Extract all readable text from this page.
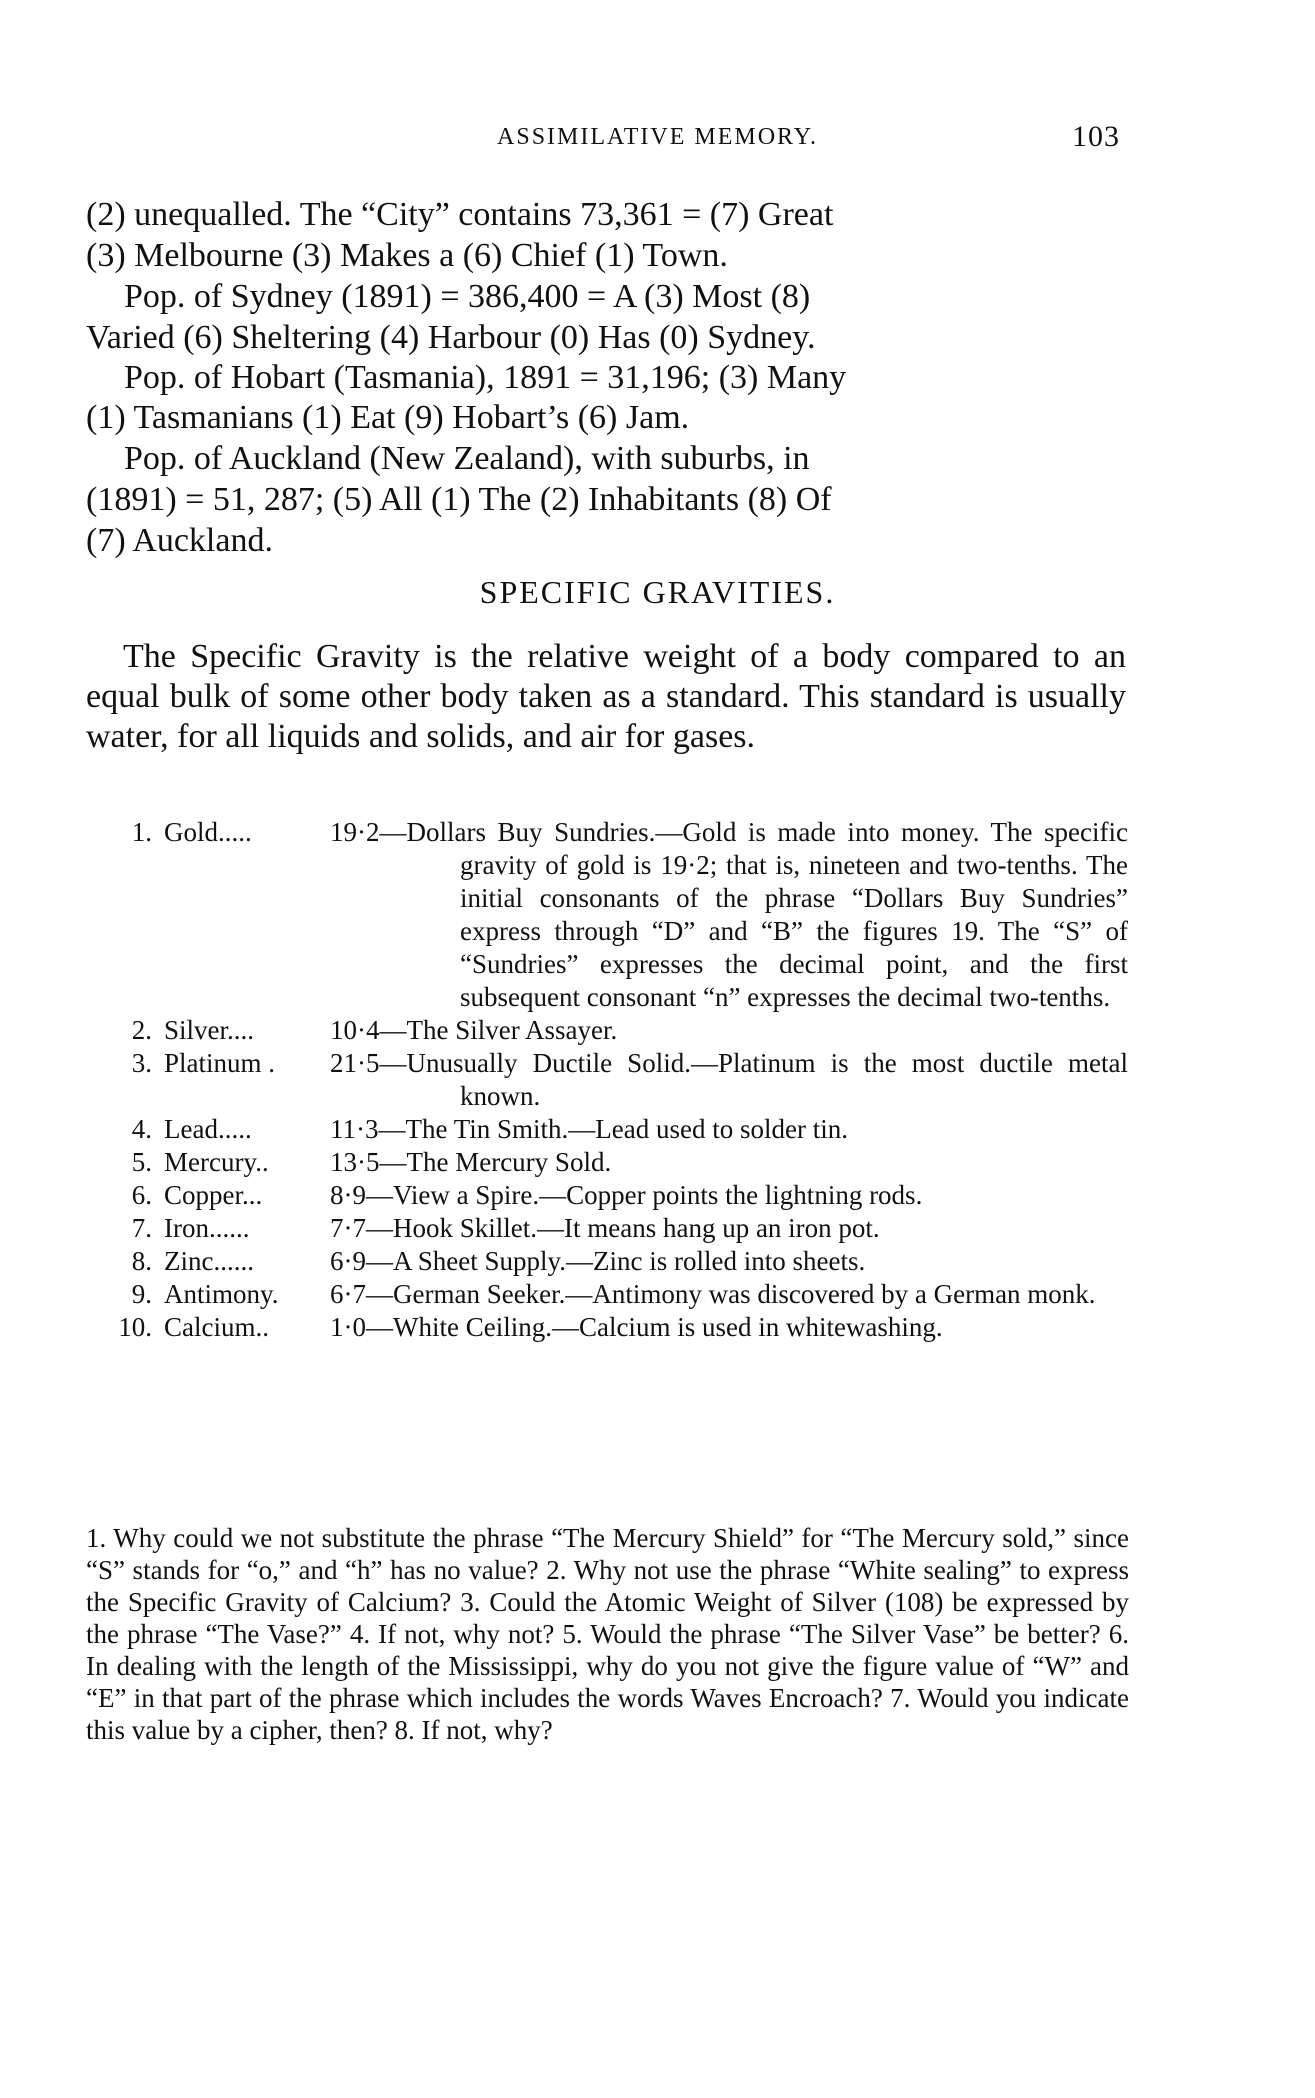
ASSIMILATIVE MEMORY.	103

(2) unequalled. The “City” contains 73,361 = (7) Great

(3) Melbourne (3) Makes a (6) Chief (1) Town.

Pop. of Sydney (1891) = 386,400 = A (3) Most (8)

Varied (6) Sheltering (4) Harbour (0) Has (0) Sydney.

Pop. of Hobart (Tasmania), 1891 = 31,196; (3) Many

(1) Tasmanians (1) Eat (9) Hobart’s (6) Jam.

Pop. of Auckland (New Zealand), with suburbs, in

(1891) = 51, 287; (5) All (1) The (2) Inhabitants (8) Of

(7) Auckland.

SPECIFIC GRAVITIES.

The Specific Gravity is the relative weight of a body compared to an equal bulk of some other body taken as a standard. This standard is usually water, for all liquids and solids, and air for gases.

1. Gold.....	19·2—Dollars Buy Sundries.—Gold is made into money. The specific gravity of gold is 19·2; that is, nineteen and two-tenths. The initial consonants of the phrase “Dollars Buy Sundries” express through “D” and “B” the figures 19. The “S” of “Sundries” expresses the decimal point, and the first subsequent consonant “n” expresses the decimal two-tenths.
2. Silver....	10·4—The Silver Assayer.
3. Platinum . 21·5—Unusually Ductile Solid.—Platinum is the most ductile metal known.
4. Lead.....	11·3—The Tin Smith.—Lead used to solder tin.
5. Mercury.. 13·5—The Mercury Sold.
6. Copper...	8·9—View a Spire.—Copper points the lightning rods.
7. Iron......	7·7—Hook Skillet.—It means hang up an iron pot.
8. Zinc......	6·9—A Sheet Supply.—Zinc is rolled into sheets.
9. Antimony. 6·7—German Seeker.—Antimony was discovered by a German monk.
10. Calcium.. 1·0—White Ceiling.—Calcium is used in whitewashing.
1. Why could we not substitute the phrase “The Mercury Shield” for “The Mercury sold,” since “S” stands for “o,” and “h” has no value? 2. Why not use the phrase “White sealing” to express the Specific Gravity of Calcium? 3. Could the Atomic Weight of Silver (108) be expressed by the phrase “The Vase?” 4. If not, why not? 5. Would the phrase “The Silver Vase” be better? 6. In dealing with the length of the Mississippi, why do you not give the figure value of “W” and “E” in that part of the phrase which includes the words Waves Encroach? 7. Would you indicate this value by a cipher, then? 8. If not, why?
